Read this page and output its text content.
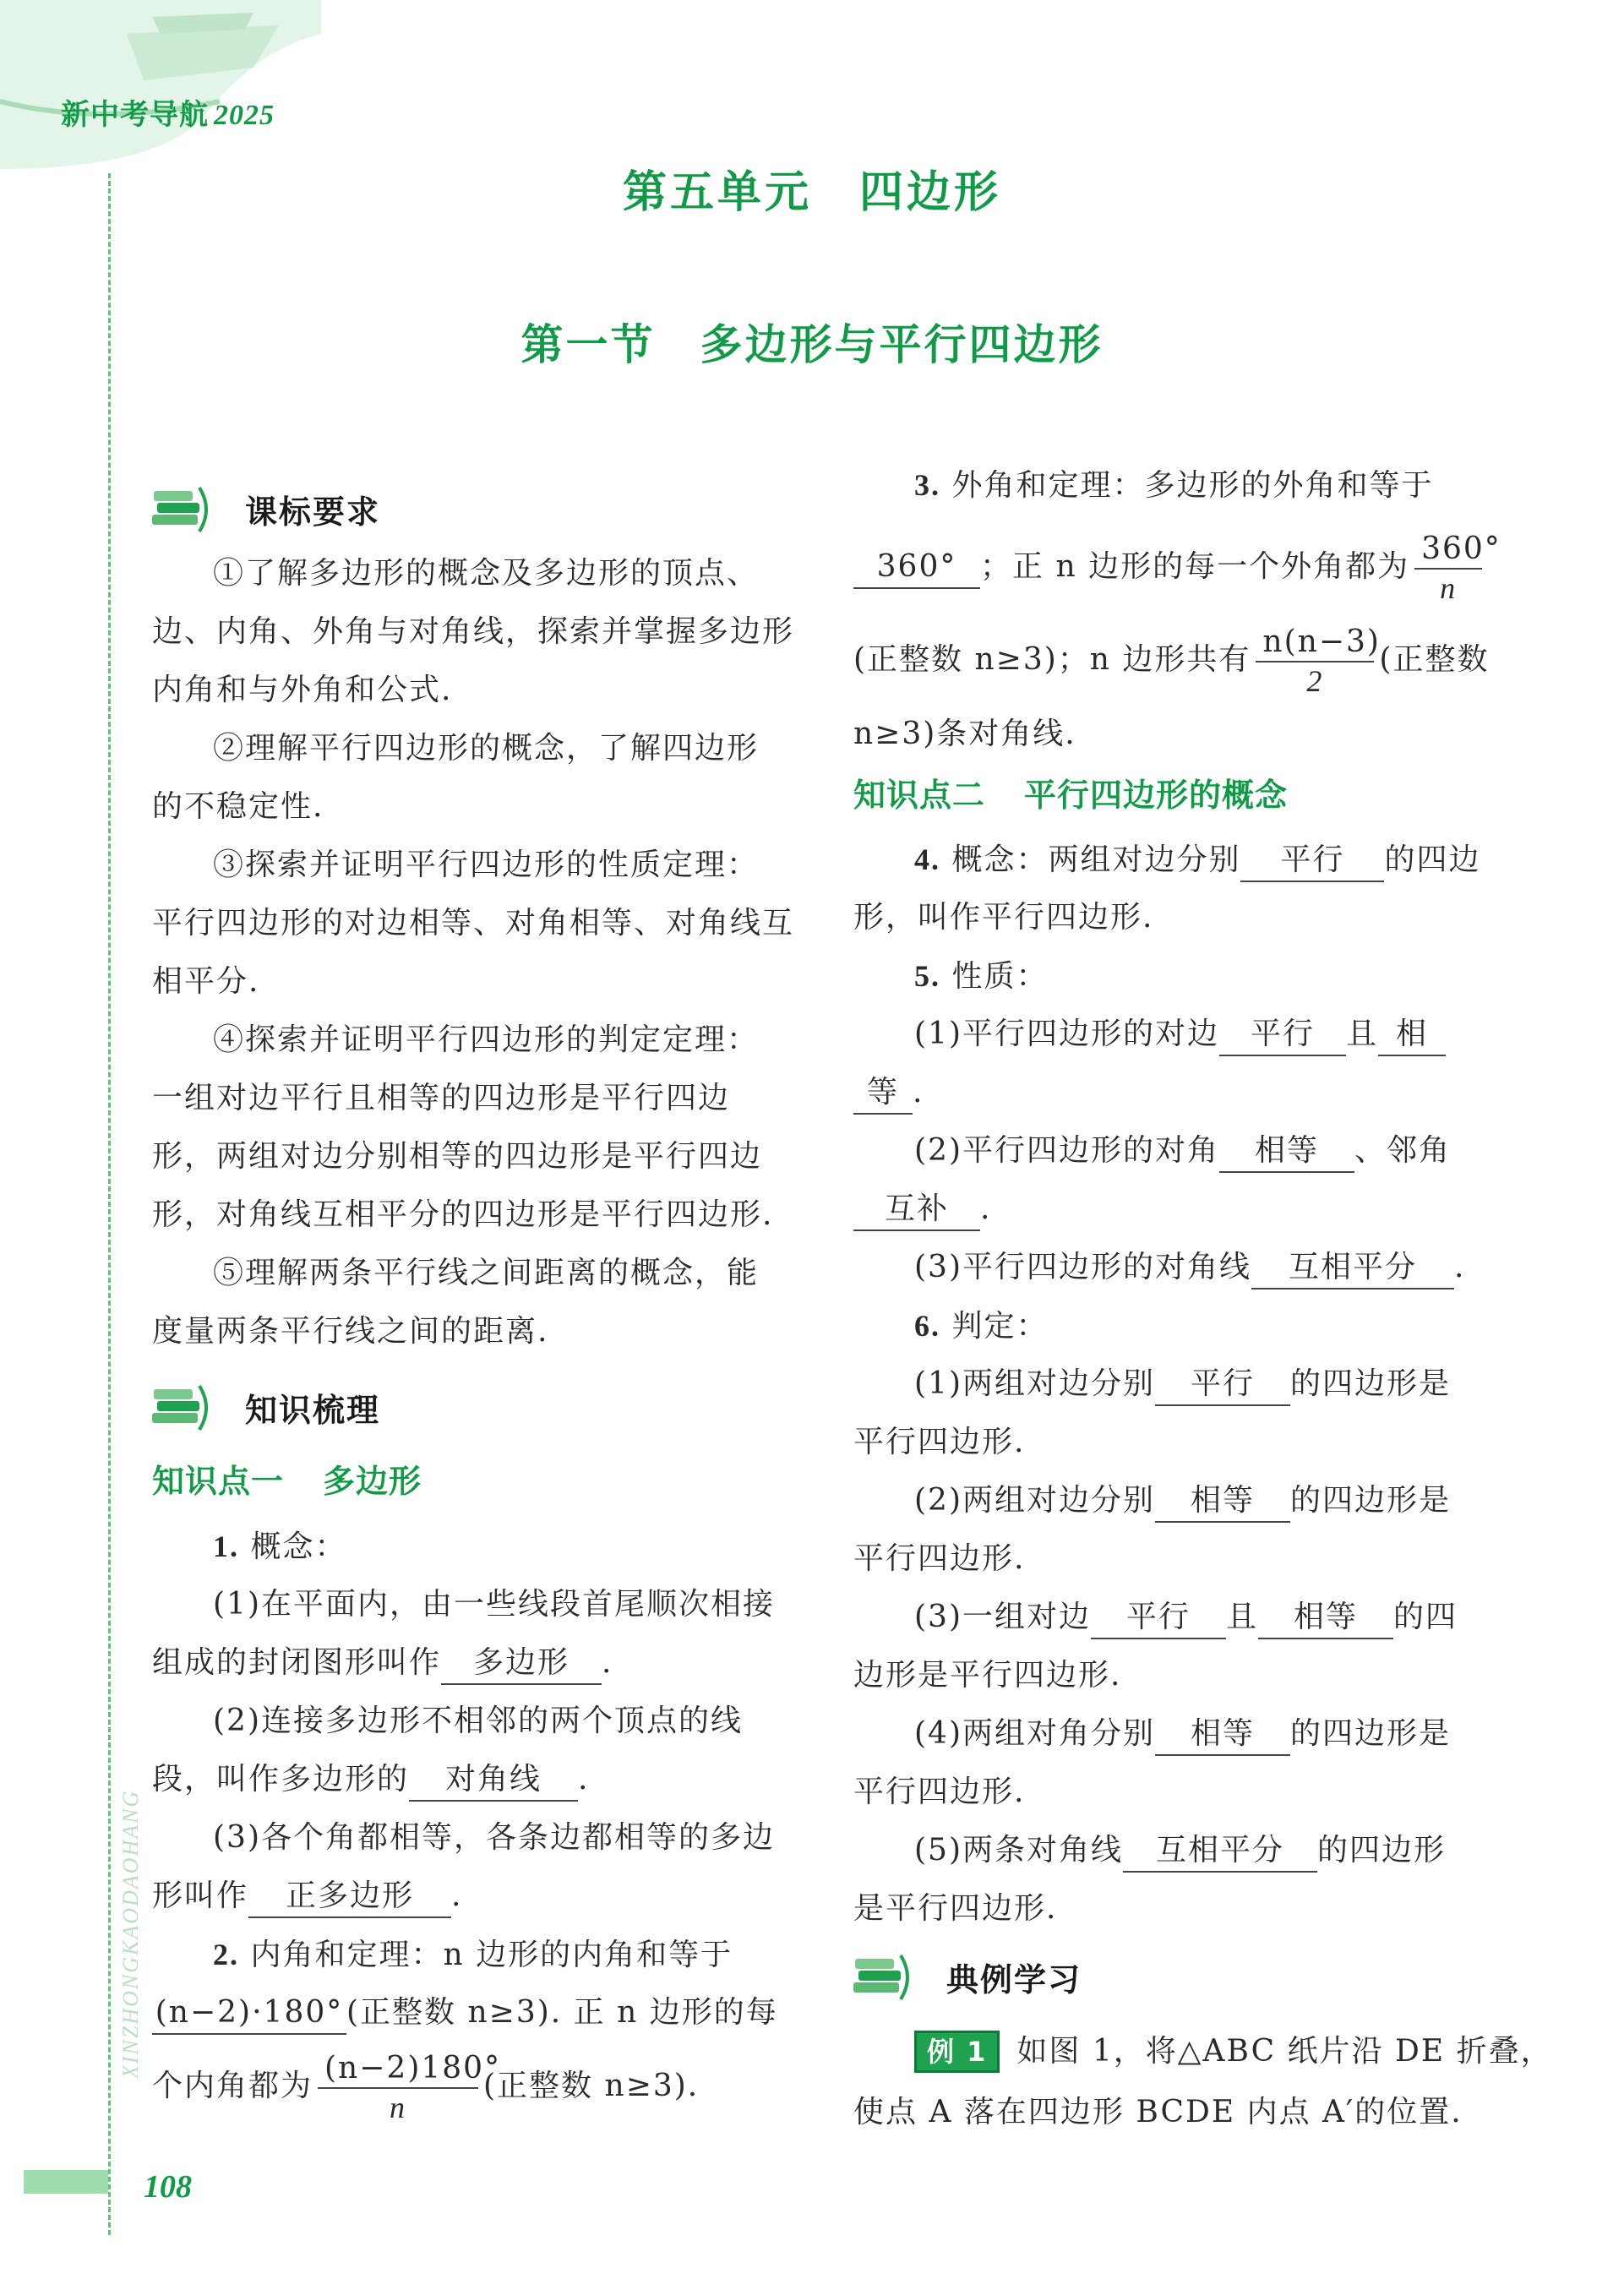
新中考导航 2025
XINZHONGKAODAOHANG
108
第五单元　四边形
第一节　多边形与平行四边形
课标要求
①了解多边形的概念及多边形的顶点、
边、内角、外角与对角线，探索并掌握多边形
内角和与外角和公式.
②理解平行四边形的概念，了解四边形
的不稳定性.
③探索并证明平行四边形的性质定理：
平行四边形的对边相等、对角相等、对角线互
相平分.
④探索并证明平行四边形的判定定理：
一组对边平行且相等的四边形是平行四边
形，两组对边分别相等的四边形是平行四边
形，对角线互相平分的四边形是平行四边形.
⑤理解两条平行线之间距离的概念，能
度量两条平行线之间的距离.
知识梳理
知识点一 多边形
1. 概念：
(1)在平面内，由一些线段首尾顺次相接
组成的封闭图形叫作 多边形 .
(2)连接多边形不相邻的两个顶点的线
段，叫作多边形的 对角线 .
(3)各个角都相等，各条边都相等的多边
形叫作 正多边形 .
2. 内角和定理：n 边形的内角和等于
(n−2)·180° (正整数 n≥3). 正 n 边形的每
个内角都为 $\frac{(n-2)180^\circ}{n}$ (正整数 n≥3).
3. 外角和定理：多边形的外角和等于
360° ；正 n 边形的每一个外角都为 $\frac{360^\circ}{n}$
(正整数 n≥3)；n 边形共有 $\frac{n(n-3)}{2}$ (正整数
n≥3)条对角线.
知识点二 平行四边形的概念
4. 概念：两组对边分别 平行 的四边
形，叫作平行四边形.
5. 性质：
(1)平行四边形的对边 平行 且 相
等 .
(2)平行四边形的对角 相等 、邻角
互补 .
(3)平行四边形的对角线 互相平分 .
6. 判定：
(1)两组对边分别 平行 的四边形是
平行四边形.
(2)两组对边分别 相等 的四边形是
平行四边形.
(3)一组对边 平行 且 相等 的四
边形是平行四边形.
(4)两组对角分别 相等 的四边形是
平行四边形.
(5)两条对角线 互相平分 的四边形
是平行四边形.
典例学习
例 1 如图 1，将△ABC 纸片沿 DE 折叠，
使点 A 落在四边形 BCDE 内点 A′的位置.
